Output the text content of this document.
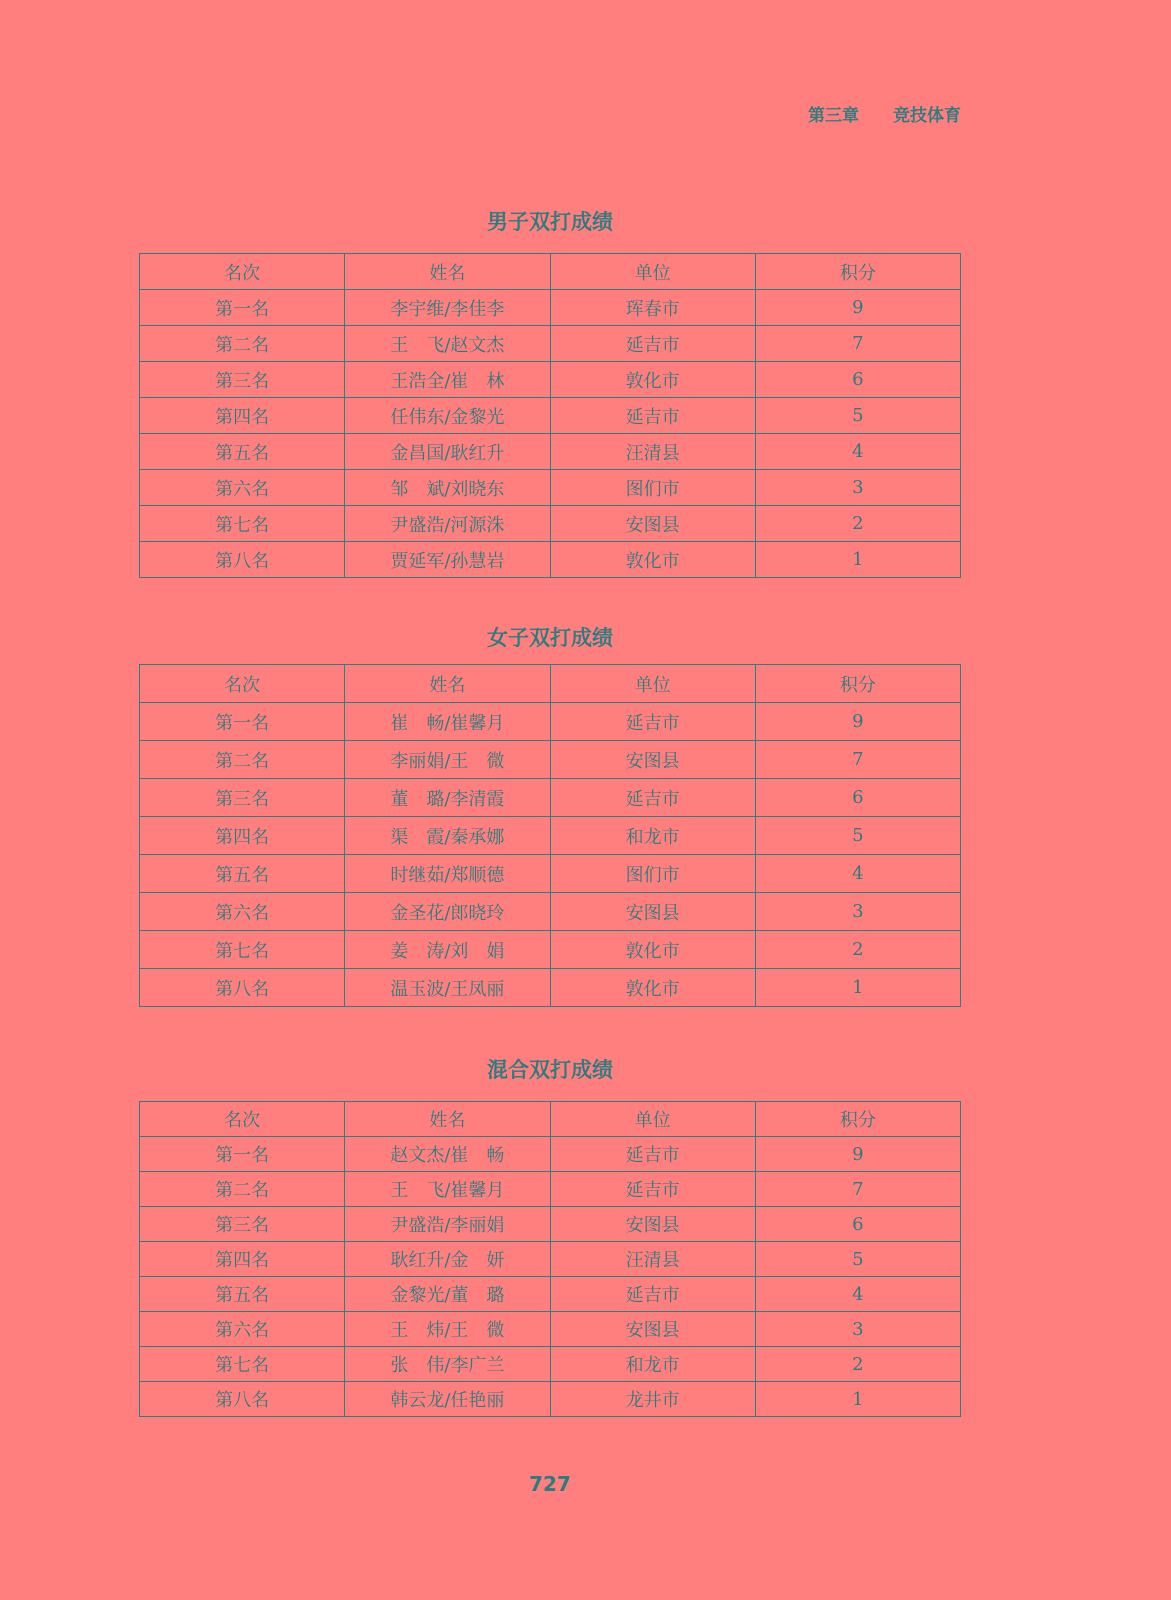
第三章　　竞技体育
男子双打成绩
名次	姓名	单位	积分
第一名	李宇维/李佳李	珲春市	9
第二名	王　飞/赵文杰	延吉市	7
第三名	王浩全/崔　林	敦化市	6
第四名	任伟东/金黎光	延吉市	5
第五名	金昌国/耿红升	汪清县	4
第六名	邹　斌/刘晓东	图们市	3
第七名	尹盛浩/河源洙	安图县	2
第八名	贾延军/孙慧岩	敦化市	1
女子双打成绩
名次	姓名	单位	积分
第一名	崔　畅/崔馨月	延吉市	9
第二名	李丽娟/王　微	安图县	7
第三名	董　璐/李清霞	延吉市	6
第四名	渠　霞/秦承娜	和龙市	5
第五名	时继茹/郑顺德	图们市	4
第六名	金圣花/郎晓玲	安图县	3
第七名	姜　涛/刘　娟	敦化市	2
第八名	温玉波/王凤丽	敦化市	1
混合双打成绩
名次	姓名	单位	积分
第一名	赵文杰/崔　畅	延吉市	9
第二名	王　飞/崔馨月	延吉市	7
第三名	尹盛浩/李丽娟	安图县	6
第四名	耿红升/金　妍	汪清县	5
第五名	金黎光/董　璐	延吉市	4
第六名	王　炜/王　微	安图县	3
第七名	张　伟/李广兰	和龙市	2
第八名	韩云龙/任艳丽	龙井市	1
727
